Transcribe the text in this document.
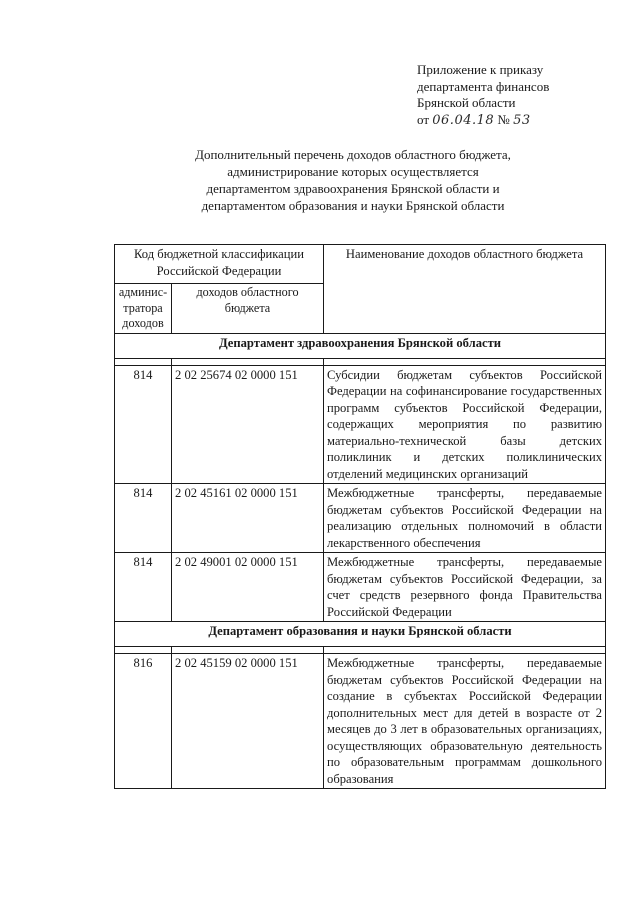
Приложение к приказу
департамента финансов
Брянской области
от 06.04.18 № 53
Дополнительный перечень доходов областного бюджета,
администрирование которых осуществляется
департаментом здравоохранения Брянской области и
департаментом образования и науки Брянской области
Код бюджетной классификации Российской Федерации		Наименование доходов областного бюджета
админис-тратора доходов	доходов областного бюджета	
Департамент здравоохранения Брянской области		

814	2 02 25674 02 0000 151	Субсидии бюджетам субъектов Российской Федерации на софинансирование государственных программ субъектов Российской Федерации, содержащих мероприятия по развитию материально-технической базы детских поликлиник и детских поликлинических отделений медицинских организаций
814	2 02 45161 02 0000 151	Межбюджетные трансферты, передаваемые бюджетам субъектов Российской Федерации на реализацию отдельных полномочий в области лекарственного обеспечения
814	2 02 49001 02 0000 151	Межбюджетные трансферты, передаваемые бюджетам субъектов Российской Федерации, за счет средств резервного фонда Правительства Российской Федерации
Департамент образования и науки Брянской области		

816	2 02 45159 02 0000 151	Межбюджетные трансферты, передаваемые бюджетам субъектов Российской Федерации на создание в субъектах Российской Федерации дополнительных мест для детей в возрасте от 2 месяцев до 3 лет в образовательных организациях, осуществляющих образовательную деятельность по образовательным программам дошкольного образования
